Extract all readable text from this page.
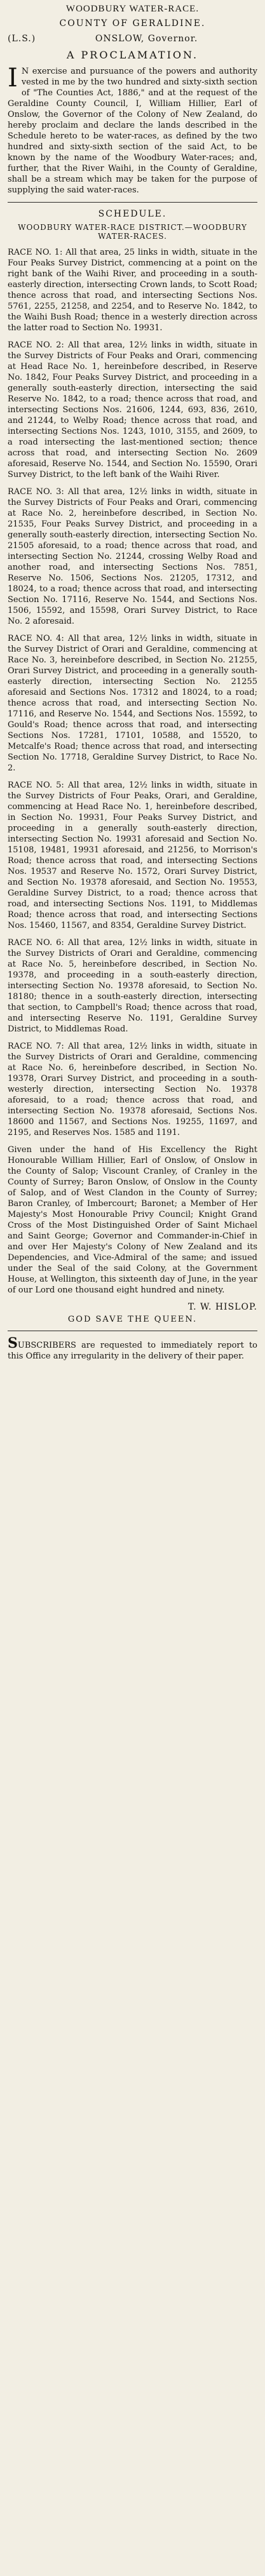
WOODBURY WATER-RACE.
COUNTY OF GERALDINE.
(L.S.)	ONSLOW, Governor.
A PROCLAMATION.
I N exercise and pursuance of the powers and authority vested in me by the two hundred and sixty-sixth section of "The Counties Act, 1886," and at the request of the Geraldine County Council, I, William Hillier, Earl of Onslow, the Governor of the Colony of New Zealand, do hereby proclaim and declare the lands described in the Schedule hereto to be water-races, as defined by the two hundred and sixty-sixth section of the said Act, to be known by the name of the Woodbury Water-races; and, further, that the River Waihi, in the County of Geraldine, shall be a stream which may be taken for the purpose of supplying the said water-races.
SCHEDULE.
WOODBURY WATER-RACE DISTRICT.—WOODBURY WATER-RACES.
RACE NO. 1: All that area, 25 links in width, situate in the Four Peaks Survey District, commencing at a point on the right bank of the Waihi River, and proceeding in a south-easterly direction, intersecting Crown lands, to Scott Road; thence across that road, and intersecting Sections Nos. 5761, 2255, 21258, and 2254, and to Reserve No. 1842, to the Waihi Bush Road; thence in a westerly direction across the latter road to Section No. 19931.
RACE NO. 2: All that area, 12½ links in width, situate in the Survey Districts of Four Peaks and Orari, commencing at Head Race No. 1, hereinbefore described, in Reserve No. 1842, Four Peaks Survey District, and proceeding in a generally south-easterly direction, intersecting the said Reserve No. 1842, to a road; thence across that road, and intersecting Sections Nos. 21606, 1244, 693, 836, 2610, and 21244, to Welby Road; thence across that road, and intersecting Sections Nos. 1243, 1010, 3155, and 2609, to a road intersecting the last-mentioned section; thence across that road, and intersecting Section No. 2609 aforesaid, Reserve No. 1544, and Section No. 15590, Orari Survey District, to the left bank of the Waihi River.
RACE NO. 3: All that area, 12½ links in width, situate in the Survey Districts of Four Peaks and Orari, commencing at Race No. 2, hereinbefore described, in Section No. 21535, Four Peaks Survey District, and proceeding in a generally south-easterly direction, intersecting Section No. 21505 aforesaid, to a road; thence across that road, and intersecting Section No. 21244, crossing Welby Road and another road, and intersecting Sections Nos. 7851, Reserve No. 1506, Sections Nos. 21205, 17312, and 18024, to a road; thence across that road, and intersecting Section No. 17116, Reserve No. 1544, and Sections Nos. 1506, 15592, and 15598, Orari Survey District, to Race No. 2 aforesaid.
RACE NO. 4: All that area, 12½ links in width, situate in the Survey District of Orari and Geraldine, commencing at Race No. 3, hereinbefore described, in Section No. 21255, Orari Survey District, and proceeding in a generally south-easterly direction, intersecting Section No. 21255 aforesaid and Sections Nos. 17312 and 18024, to a road; thence across that road, and intersecting Section No. 17116, and Reserve No. 1544, and Sections Nos. 15592, to Gould's Road; thence across that road, and intersecting Sections Nos. 17281, 17101, 10588, and 15520, to Metcalfe's Road; thence across that road, and intersecting Section No. 17718, Geraldine Survey District, to Race No. 2.
RACE NO. 5: All that area, 12½ links in width, situate in the Survey Districts of Four Peaks, Orari, and Geraldine, commencing at Head Race No. 1, hereinbefore described, in Section No. 19931, Four Peaks Survey District, and proceeding in a generally south-easterly direction, intersecting Section No. 19931 aforesaid and Section No. 15108, 19481, 19931 aforesaid, and 21256, to Morrison's Road; thence across that road, and intersecting Sections Nos. 19537 and Reserve No. 1572, Orari Survey District, and Section No. 19378 aforesaid, and Section No. 19553, Geraldine Survey District, to a road; thence across that road, and intersecting Sections Nos. 1191, to Middlemas Road; thence across that road, and intersecting Sections Nos. 15460, 11567, and 8354, Geraldine Survey District.
RACE NO. 6: All that area, 12½ links in width, situate in the Survey Districts of Orari and Geraldine, commencing at Race No. 5, hereinbefore described, in Section No. 19378, and proceeding in a south-easterly direction, intersecting Section No. 19378 aforesaid, to Section No. 18180; thence in a south-easterly direction, intersecting that section, to Campbell's Road; thence across that road, and intersecting Reserve No. 1191, Geraldine Survey District, to Middlemas Road.
RACE NO. 7: All that area, 12½ links in width, situate in the Survey Districts of Orari and Geraldine, commencing at Race No. 6, hereinbefore described, in Section No. 19378, Orari Survey District, and proceeding in a south-westerly direction, intersecting Section No. 19378 aforesaid, to a road; thence across that road, and intersecting Section No. 19378 aforesaid, Sections Nos. 18600 and 11567, and Sections Nos. 19255, 11697, and 2195, and Reserves Nos. 1585 and 1191.
Given under the hand of His Excellency the Right Honourable William Hillier, Earl of Onslow, of Onslow in the County of Salop; Viscount Cranley, of Cranley in the County of Surrey; Baron Onslow, of Onslow in the County of Salop, and of West Clandon in the County of Surrey; Baron Cranley, of Imbercourt; Baronet; a Member of Her Majesty's Most Honourable Privy Council; Knight Grand Cross of the Most Distinguished Order of Saint Michael and Saint George; Governor and Commander-in-Chief in and over Her Majesty's Colony of New Zealand and its Dependencies, and Vice-Admiral of the same; and issued under the Seal of the said Colony, at the Government House, at Wellington, this sixteenth day of June, in the year of our Lord one thousand eight hundred and ninety.
T. W. HISLOP.
GOD SAVE THE QUEEN.
SUBSCRIBERS are requested to immediately report to this Office any irregularity in the delivery of their paper.
